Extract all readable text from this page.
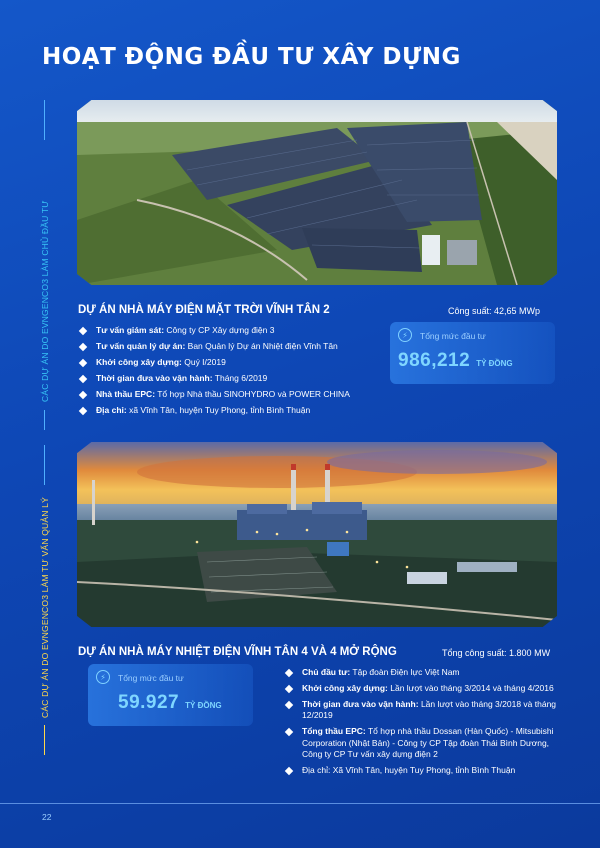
HOẠT ĐỘNG ĐẦU TƯ XÂY DỰNG
CÁC DỰ ÁN DO EVNGENCO3 LÀM CHỦ ĐẦU TƯ
CÁC DỰ ÁN DO EVNGENCO3 LÀM TƯ VẤN QUẢN LÝ
DỰ ÁN NHÀ MÁY ĐIỆN MẶT TRỜI VĨNH TÂN 2	Công suất: 42,65 MWp
Tư vấn giám sát: Công ty CP Xây dựng điện 3
Tư vấn quản lý dự án: Ban Quản lý Dự án Nhiệt điện Vĩnh Tân
Khởi công xây dựng: Quý I/2019
Thời gian đưa vào vận hành: Tháng 6/2019
Nhà thầu EPC: Tổ hợp Nhà thầu SINOHYDRO và POWER CHINA
Địa chỉ: xã Vĩnh Tân, huyện Tuy Phong, tỉnh Bình Thuận
⚡	Tổng mức đầu tư
986,212 TỶ ĐỒNG
DỰ ÁN NHÀ MÁY NHIỆT ĐIỆN VĨNH TÂN 4 VÀ 4 MỞ RỘNG	Tổng công suất: 1.800 MW
⚡	Tổng mức đầu tư
59.927 TỶ ĐỒNG
Chủ đầu tư: Tập đoàn Điện lực Việt Nam
Khởi công xây dựng: Lần lượt vào tháng 3/2014 và tháng 4/2016
Thời gian đưa vào vận hành: Lần lượt vào tháng 3/2018 và tháng 12/2019
Tổng thầu EPC: Tổ hợp nhà thầu Dossan (Hàn Quốc) - Mitsubishi Corporation (Nhật Bản) - Công ty CP Tập đoàn Thái Bình Dương, Công ty CP Tư vấn xây dựng điện 2
Địa chỉ: Xã Vĩnh Tân, huyện Tuy Phong, tỉnh Bình Thuận
22
